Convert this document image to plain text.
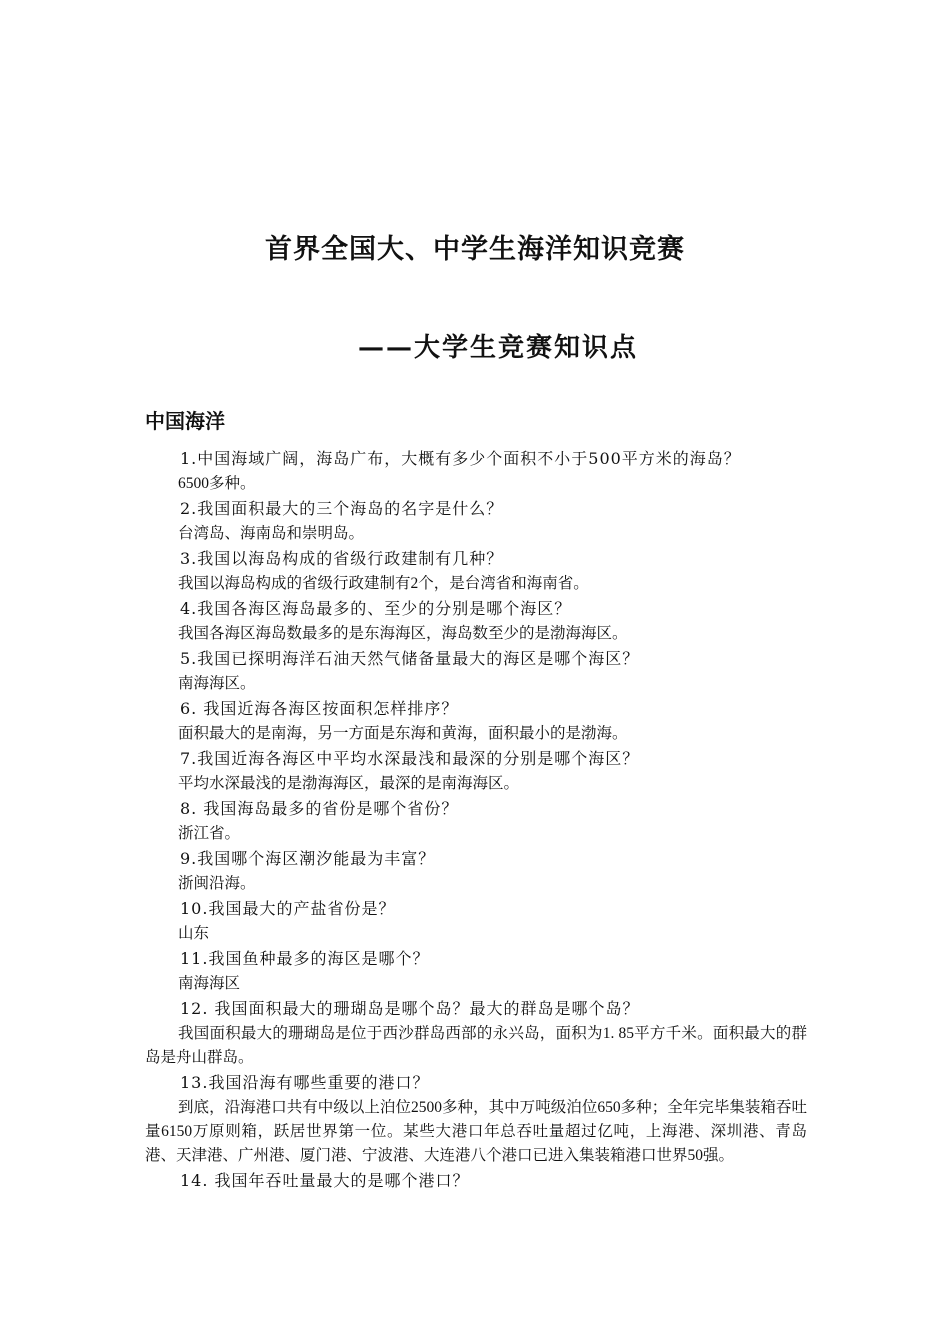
首界全国大、中学生海洋知识竞赛
——大学生竞赛知识点
中国海洋
1.中国海域广阔，海岛广布，大概有多少个面积不小于500平方米的海岛？
6500多种。
2.我国面积最大的三个海岛的名字是什么？
台湾岛、海南岛和崇明岛。
3.我国以海岛构成的省级行政建制有几种？
我国以海岛构成的省级行政建制有2个，是台湾省和海南省。
4.我国各海区海岛最多的、至少的分别是哪个海区？
我国各海区海岛数最多的是东海海区，海岛数至少的是渤海海区。
5.我国已探明海洋石油天然气储备量最大的海区是哪个海区？
南海海区。
6. 我国近海各海区按面积怎样排序？
面积最大的是南海，另一方面是东海和黄海，面积最小的是渤海。
7.我国近海各海区中平均水深最浅和最深的分别是哪个海区？
平均水深最浅的是渤海海区，最深的是南海海区。
8. 我国海岛最多的省份是哪个省份？
浙江省。
9.我国哪个海区潮汐能最为丰富？
浙闽沿海。
10.我国最大的产盐省份是？
山东
11.我国鱼种最多的海区是哪个？
南海海区
12. 我国面积最大的珊瑚岛是哪个岛？最大的群岛是哪个岛？
我国面积最大的珊瑚岛是位于西沙群岛西部的永兴岛，面积为1. 85平方千米。面积最大的群岛是舟山群岛。
13.我国沿海有哪些重要的港口？
到底，沿海港口共有中级以上泊位2500多种，其中万吨级泊位650多种；全年完毕集装箱吞吐量6150万原则箱，跃居世界第一位。某些大港口年总吞吐量超过亿吨，上海港、深圳港、青岛港、天津港、广州港、厦门港、宁波港、大连港八个港口已进入集装箱港口世界50强。
14. 我国年吞吐量最大的是哪个港口？
